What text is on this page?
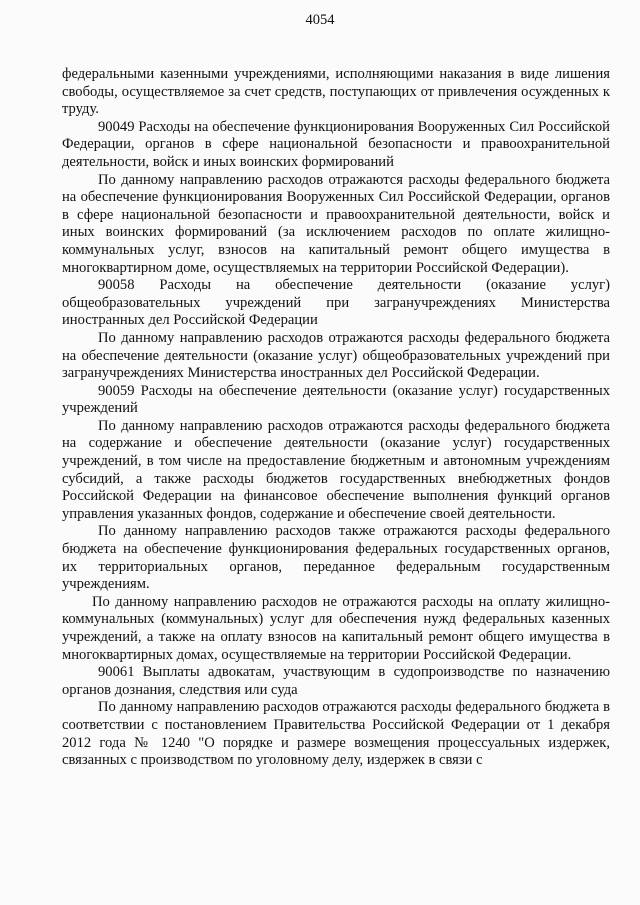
4054

федеральными казенными учреждениями, исполняющими наказания в виде лишения свободы, осуществляемое за счет средств, поступающих от привлечения осужденных к труду.

90049 Расходы на обеспечение функционирования Вооруженных Сил Российской Федерации, органов в сфере национальной безопасности и правоохранительной деятельности, войск и иных воинских формирований

По данному направлению расходов отражаются расходы федерального бюджета на обеспечение функционирования Вооруженных Сил Российской Федерации, органов в сфере национальной безопасности и правоохранительной деятельности, войск и иных воинских формирований (за исключением расходов по оплате жилищно-коммунальных услуг, взносов на капитальный ремонт общего имущества в многоквартирном доме, осуществляемых на территории Российской Федерации).

90058 Расходы на обеспечение деятельности (оказание услуг) общеобразовательных учреждений при загранучреждениях Министерства иностранных дел Российской Федерации

По данному направлению расходов отражаются расходы федерального бюджета на обеспечение деятельности (оказание услуг) общеобразовательных учреждений при загранучреждениях Министерства иностранных дел Российской Федерации.

90059 Расходы на обеспечение деятельности (оказание услуг) государственных учреждений

По данному направлению расходов отражаются расходы федерального бюджета на содержание и обеспечение деятельности (оказание услуг) государственных учреждений, в том числе на предоставление бюджетным и автономным учреждениям субсидий, а также расходы бюджетов государственных внебюджетных фондов Российской Федерации на финансовое обеспечение выполнения функций органов управления указанных фондов, содержание и обеспечение своей деятельности.

По данному направлению расходов также отражаются расходы федерального бюджета на обеспечение функционирования федеральных государственных органов, их территориальных органов, переданное федеральным государственным учреждениям.

По данному направлению расходов не отражаются расходы на оплату жилищно-коммунальных (коммунальных) услуг для обеспечения нужд федеральных казенных учреждений, а также на оплату взносов на капитальный ремонт общего имущества в многоквартирных домах, осуществляемые на территории Российской Федерации.

90061 Выплаты адвокатам, участвующим в судопроизводстве по назначению органов дознания, следствия или суда

По данному направлению расходов отражаются расходы федерального бюджета в соответствии с постановлением Правительства Российской Федерации от 1 декабря 2012 года № 1240 "О порядке и размере возмещения процессуальных издержек, связанных с производством по уголовному делу, издержек в связи с
